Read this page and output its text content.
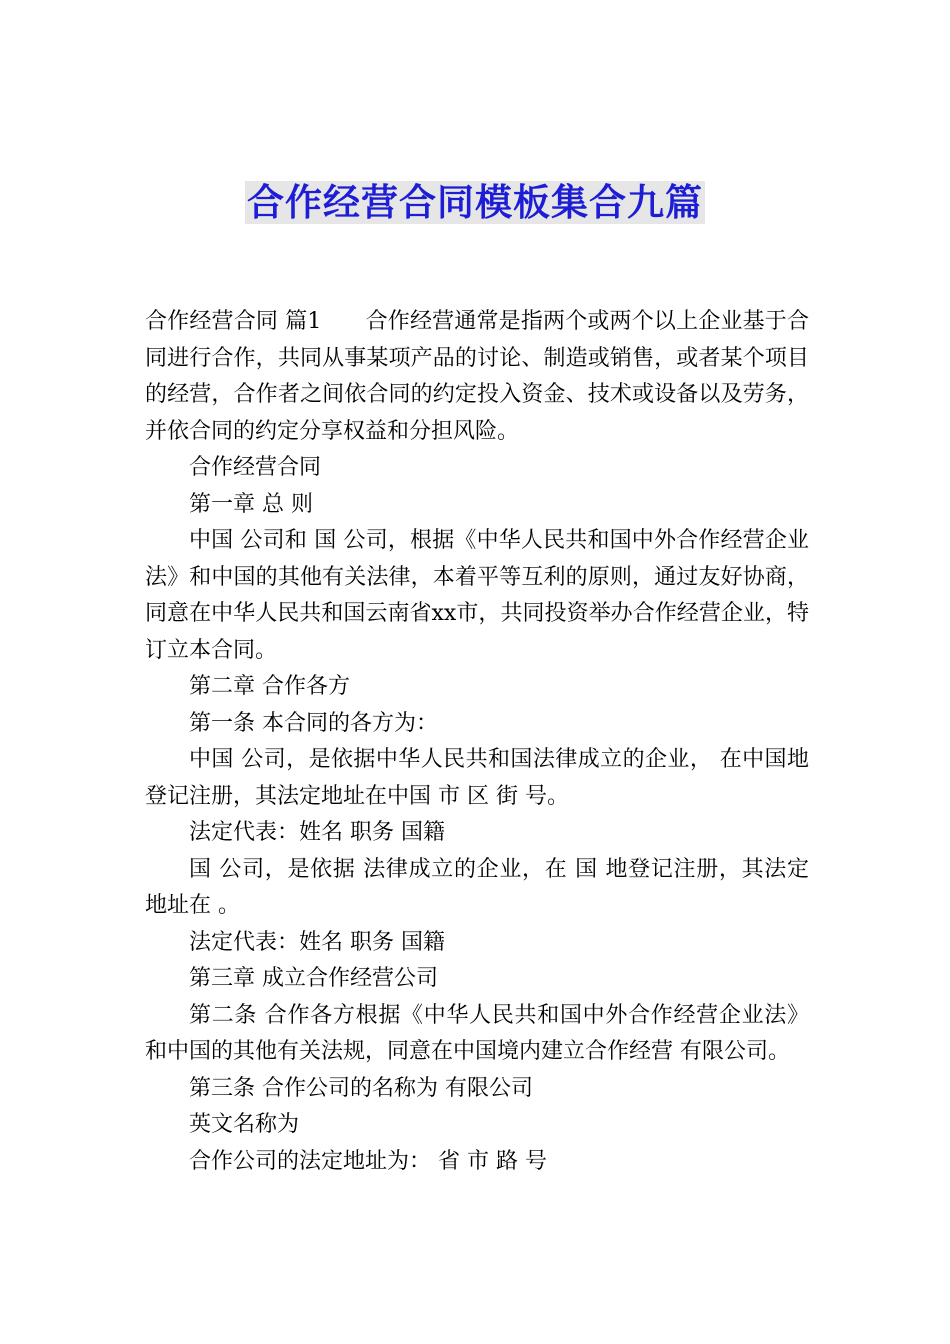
合作经营合同模板集合九篇

合作经营合同 篇1 合作经营通常是指两个或两个以上企业基于合同进行合作，共同从事某项产品的讨论、制造或销售，或者某个项目的经营，合作者之间依合同的约定投入资金、技术或设备以及劳务，并依合同的约定分享权益和分担风险。

合作经营合同

第一章 总 则

中国 公司和 国 公司，根据《中华人民共和国中外合作经营企业法》和中国的其他有关法律，本着平等互利的原则，通过友好协商，同意在中华人民共和国云南省xx市，共同投资举办合作经营企业，特订立本合同。

第二章 合作各方

第一条 本合同的各方为：

中国 公司，是依据中华人民共和国法律成立的企业， 在中国地登记注册，其法定地址在中国 市 区 街 号。

法定代表：姓名 职务 国籍

国 公司，是依据 法律成立的企业，在 国 地登记注册，其法定地址在 。

法定代表：姓名 职务 国籍

第三章 成立合作经营公司

第二条 合作各方根据《中华人民共和国中外合作经营企业法》和中国的其他有关法规，同意在中国境内建立合作经营 有限公司。

第三条 合作公司的名称为 有限公司

英文名称为

合作公司的法定地址为： 省 市 路 号
